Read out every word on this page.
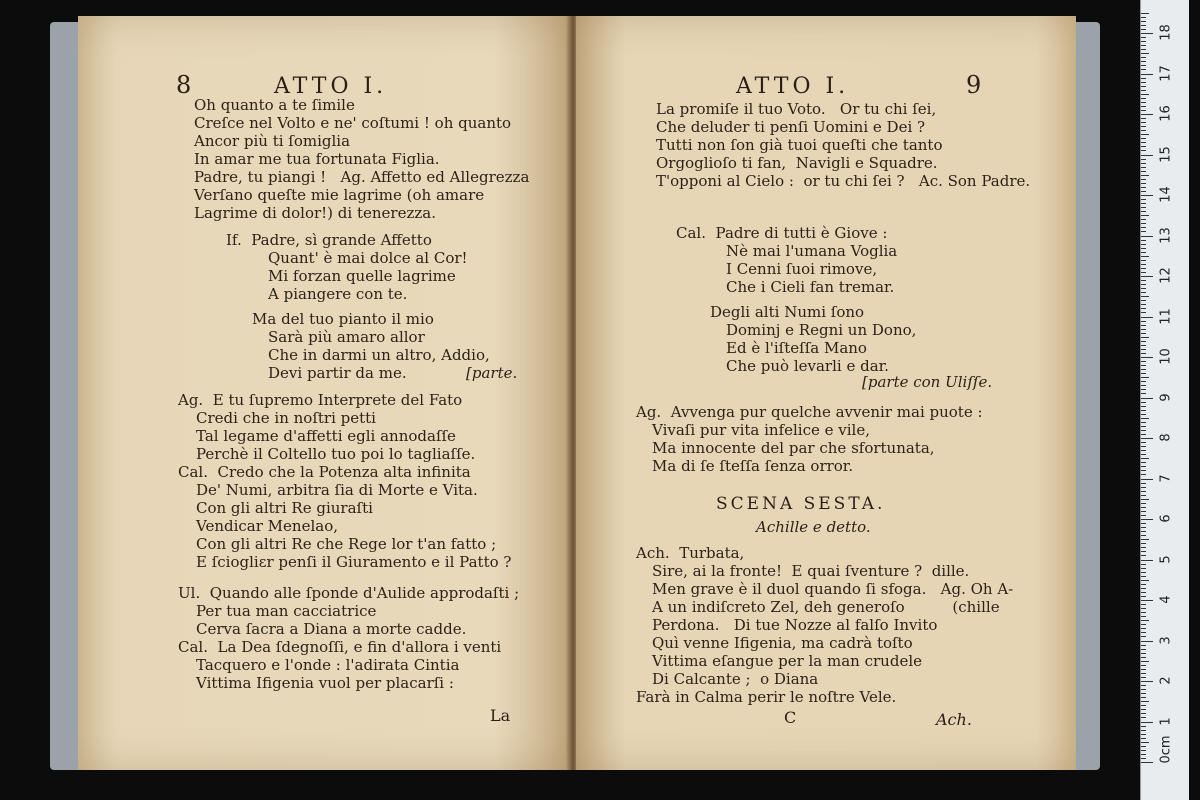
8	ATTO I.
Oh quanto a te ſimile
Creſce nel Volto e ne' coſtumi ! oh quanto
Ancor più ti ſomiglia
In amar me tua fortunata Figlia.
Padre, tu piangi !   Ag. Affetto ed Allegrezza
Verſano queſte mie lagrime (oh amare
Lagrime di dolor!) di tenerezza.
If.  Padre, sì grande Affetto
Quant' è mai dolce al Cor!
Mi forzan quelle lagrime
A piangere con te.
Ma del tuo pianto il mio
Sarà più amaro allor
Che in darmi un altro, Addio,
Devi partir da me.	[parte.
Ag.  E tu ſupremo Interprete del Fato
Credi che in noſtri petti
Tal legame d'affetti egli annodaſſe
Perchè il Coltello tuo poi lo tagliaſſe.
Cal.  Credo che la Potenza alta infinita
De' Numi, arbitra ſia di Morte e Vita.
Con gli altri Re giuraſti
Vendicar Menelao,
Con gli altri Re che Rege lor t'an fatto ;
E ſciogliɛr penſi il Giuramento e il Patto ?
Ul.  Quando alle ſponde d'Aulide approdaſti ;
Per tua man cacciatrice
Cerva ſacra a Diana a morte cadde.
Cal.  La Dea ſdegnoſſi, e fin d'allora i venti
Tacquero e l'onde : l'adirata Cintia
Vittima Ifigenia vuol per placarſi :
La
ATTO I.	9
La promiſe il tuo Voto.   Or tu chi ſei,
Che deluder ti penſi Uomini e Dei ?
Tutti non ſon già tuoi queſti che tanto
Orgoglioſo ti fan,  Navigli e Squadre.
T'opponi al Cielo :  or tu chi ſei ?   Ac. Son Padre.
Cal.  Padre di tutti è Giove :
Nè mai l'umana Voglia
I Cenni ſuoi rimove,
Che i Cieli fan tremar.
Degli alti Numi ſono
Dominj e Regni un Dono,
Ed è l'iſteſſa Mano
Che può levarli e dar.
[parte con Uliſſe.
Ag.  Avvenga pur quelche avvenir mai puote :
Vivaſi pur vita infelice e vile,
Ma innocente del par che sfortunata,
Ma di ſe ſteſſa ſenza orror.
SCENA SESTA.
Achille e detto.
Ach.  Turbata,
Sire, ai la fronte!  E quai ſventure ?  dille.
Men grave è il duol quando ſi sfoga.   Ag. Oh A-
A un indiſcreto Zel, deh generoſo          (chille
Perdona.   Di tue Nozze al falſo Invito
Quì venne Ifigenia, ma cadrà toſto
Vittima eſangue per la man crudele
Di Calcante ;  o Diana
Farà in Calma perir le noſtre Vele.
C	Ach.
0cm
1
2
3
4
5
6
7
8
9
10
11
12
13
14
15
16
17
18
